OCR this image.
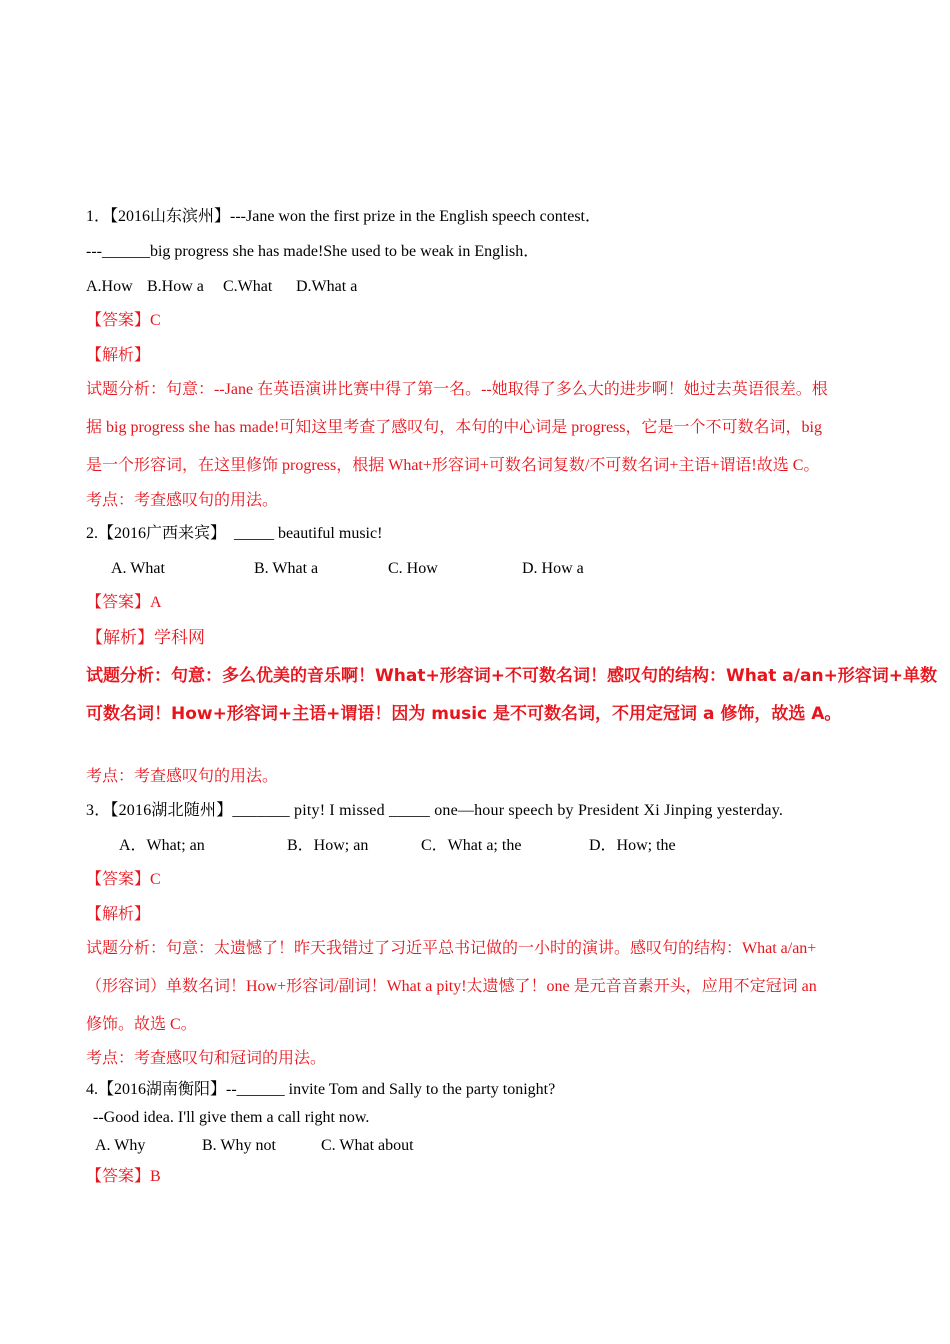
1．【2016山东滨州】---Jane won the first prize in the English speech contest．
---______big progress she has made!She used to be weak in English．
A.How B.How a C.What D.What a
【答案】C
【解析】
试题分析：句意：--Jane 在英语演讲比赛中得了第一名。--她取得了多么大的进步啊！她过去英语很差。根
据 big progress she has made!可知这里考查了感叹句，本句的中心词是 progress，它是一个不可数名词，big
是一个形容词，在这里修饰 progress，根据 What+形容词+可数名词复数/不可数名词+主语+谓语!故选 C。
考点：考查感叹句的用法。
2.【2016广西来宾】　_____ beautiful music!
A. What	B. What a	C. How	D. How a
【答案】A
【解析】学科网
试题分析：句意：多么优美的音乐啊！What+形容词+不可数名词！感叹句的结构：What a/an+形容词+单数
可数名词！How+形容词+主语+谓语！因为 music 是不可数名词，不用定冠词 a 修饰，故选 A。
考点：考查感叹句的用法。
3．【2016湖北随州】_______ pity! I missed _____ one—hour speech by President Xi Jinping yesterday.
A．What; an	B．How; an	C．What a; the	D．How; the
【答案】C
【解析】
试题分析：句意：太遗憾了！昨天我错过了习近平总书记做的一小时的演讲。感叹句的结构：What a/an+
（形容词）单数名词！How+形容词/副词！What a pity!太遗憾了！one 是元音音素开头，应用不定冠词 an
修饰。故选 C。
考点：考查感叹句和冠词的用法。
4.【2016湖南衡阳】--______ invite Tom and Sally to the party tonight?
--Good idea. I'll give them a call right now.
A. Why	B. Why not	C. What about
【答案】B
